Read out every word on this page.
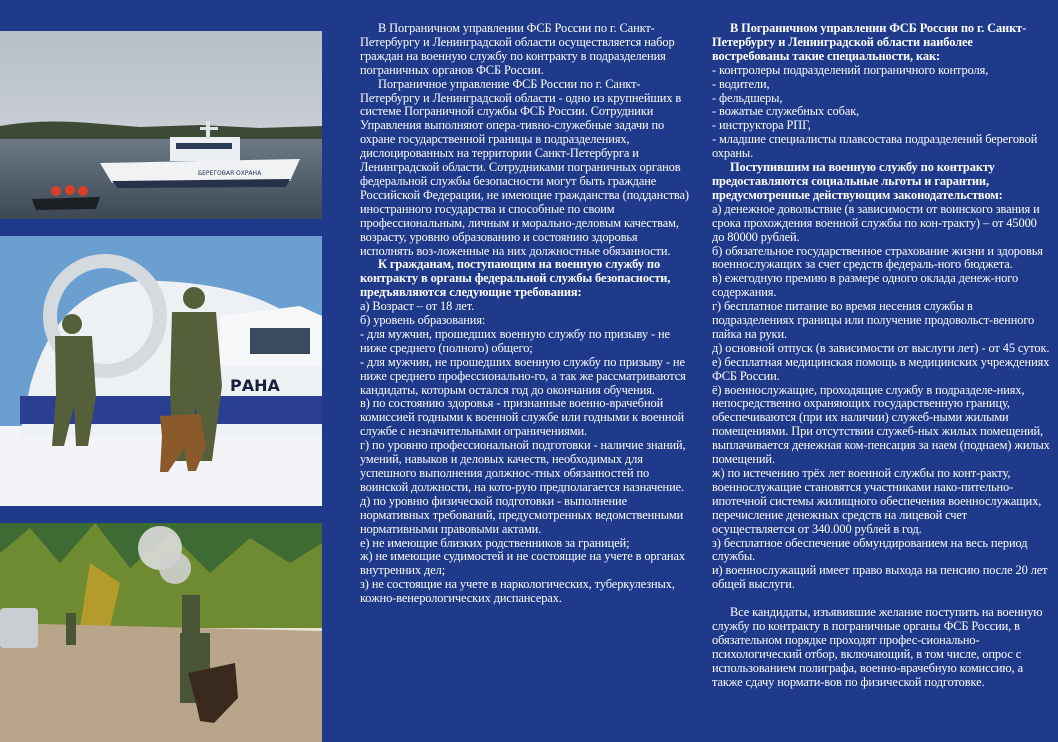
БЕРЕГОВАЯ ОХРАНА
РАНА

В Пограничном управлении ФСБ России по г. Санкт-Петербургу и Ленинградской области осуществляется набор граждан на военную службу по контракту в подразделения пограничных органов ФСБ России.

Пограничное управление ФСБ России по г. Санкт-Петербургу и Ленинградской области - одно из крупнейших в системе Пограничной службы ФСБ России. Сотрудники Управления выполняют опера-тивно-служебные задачи по охране государственной границы в подразделениях, дислоцированных на территории Санкт-Петербурга и Ленинградской области. Сотрудниками пограничных органов федеральной службы безопасности могут быть граждане Российской Федерации, не имеющие гражданства (подданства) иностранного государства и способные по своим профессиональным, личным и морально-деловым качествам, возрасту, уровню образованию и состоянию здоровья исполнять воз-ложенные на них должностные обязанности.

К гражданам, поступающим на военную службу по контракту в органы федеральной службы безопасности, предъявляются следующие требования:

а) Возраст – от 18 лет.

б) уровень образования:

- для мужчин, прошедших военную службу по призыву - не ниже среднего (полного) общего;

- для мужчин, не прошедших военную службу по призыву - не ниже среднего профессионально-го, а так же рассматриваются кандидаты, которым остался год до окончания обучения.

в) по состоянию здоровья - признанные военно-врачебной комиссией годными к военной службе или годными к военной службе с незначительными ограничениями.

г) по уровню профессиональной подготовки - наличие знаний, умений, навыков и деловых качеств, необходимых для успешного выполнения должнос-тных обязанностей по воинской должности, на кото-рую предполагается назначение.

д) по уровню физической подготовки - выполнение нормативных требований, предусмотренных ведомственными нормативными правовыми актами.

е) не имеющие близких родственников за границей;

ж) не имеющие судимостей и не состоящие на учете в органах внутренних дел;

з) не состоящие на учете в наркологических, туберкулезных, кожно-венерологических диспансерах.

В Пограничном управлении ФСБ России по г. Санкт-Петербургу и Ленинградской области наиболее востребованы такие специальности, как:

- контролеры подразделений пограничного контроля,

- водители,

- фельдшеры,

- вожатые служебных собак,

- инструктора РПГ,

- младшие специалисты плавсостава подразделений береговой охраны.

Поступившим на военную службу по контракту предоставляются социальные льготы и гарантии, предусмотренные действующим законодательством:

а) денежное довольствие (в зависимости от воинского звания и срока прохождения военной службы по кон-тракту) – от 45000 до 80000 рублей.

б) обязательное государственное страхование жизни и здоровья военнослужащих за счет средств федераль-ного бюджета.

в) ежегодную премию в размере одного оклада денеж-ного содержания.

г) бесплатное питание во время несения службы в подразделениях границы или получение продовольст-венного пайка на руки.

д) основной отпуск (в зависимости от выслуги лет) - от 45 суток.

е) бесплатная медицинская помощь в медицинских учреждениях ФСБ России.

ё) военнослужащие, проходящие службу в подразделе-ниях, непосредственно охраняющих государственную границу, обеспечиваются (при их наличии) служеб-ными жилыми помещениями. При отсутствии служеб-ных жилых помещений, выплачивается денежная ком-пенсация за наем (поднаем) жилых помещений.

ж) по истечению трёх лет военной службы по конт-ракту, военнослужащие становятся участниками нако-пительно-ипотечной системы жилищного обеспечения военнослужащих, перечисление денежных средств на лицевой счет осуществляется от 340.000 рублей в год.

з) бесплатное обеспечение обмундированием на весь период службы.

и) военнослужащий имеет право выхода на пенсию после 20 лет общей выслуги.

Все кандидаты, изъявившие желание поступить на военную службу по контракту в пограничные органы ФСБ России, в обязательном порядке проходят профес-сионально-психологический отбор, включающий, в том числе, опрос с использованием полиграфа, военно-врачебную комиссию, а также сдачу нормати-вов по физической подготовке.
